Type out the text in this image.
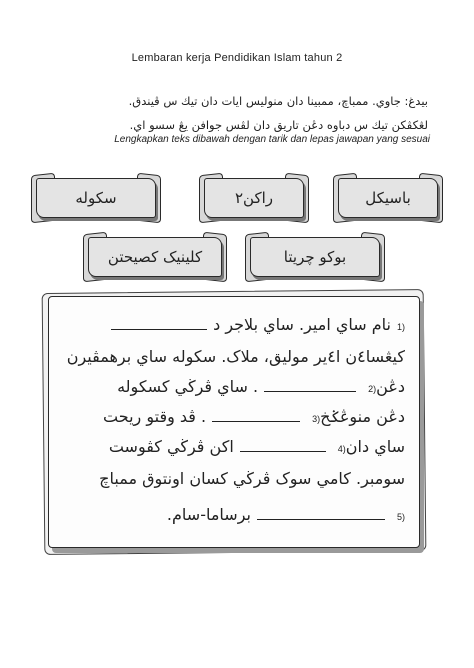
Lembaran kerja Pendidikan Islam tahun 2
بيدغ: جاوي. ممباچ، ممبينا دان منوليس ايات دان تيك س ڤيندق.
لڠكڤكن تيك س دباوه دڠن تاريق دان لڤس جوافن يڠ سسو اي.
Lengkapkan teks dibawah dengan tarik dan lepas jawapan yang sesuai
باسيكل
راكن٢
سكوله
بوكو چريتا
كلينيک كصيحتن
(1
نام ساي امير. ساي بلاجر د
كيڠسا٤ن ا٤ير موليق، ملاک. سكوله ساي برهمڤيرن
دڠن
(2
. ساي ڤرڬي كسكوله
دڠن منوڠݢخ
(3
. ڤد وقتو ريحت
ساي دان
(4
اكن ڤرڬي كڤوست
سومبر. كامي سوک ڤرڬي كسان اونتوق ممباچ
(5
برساما-سام.
